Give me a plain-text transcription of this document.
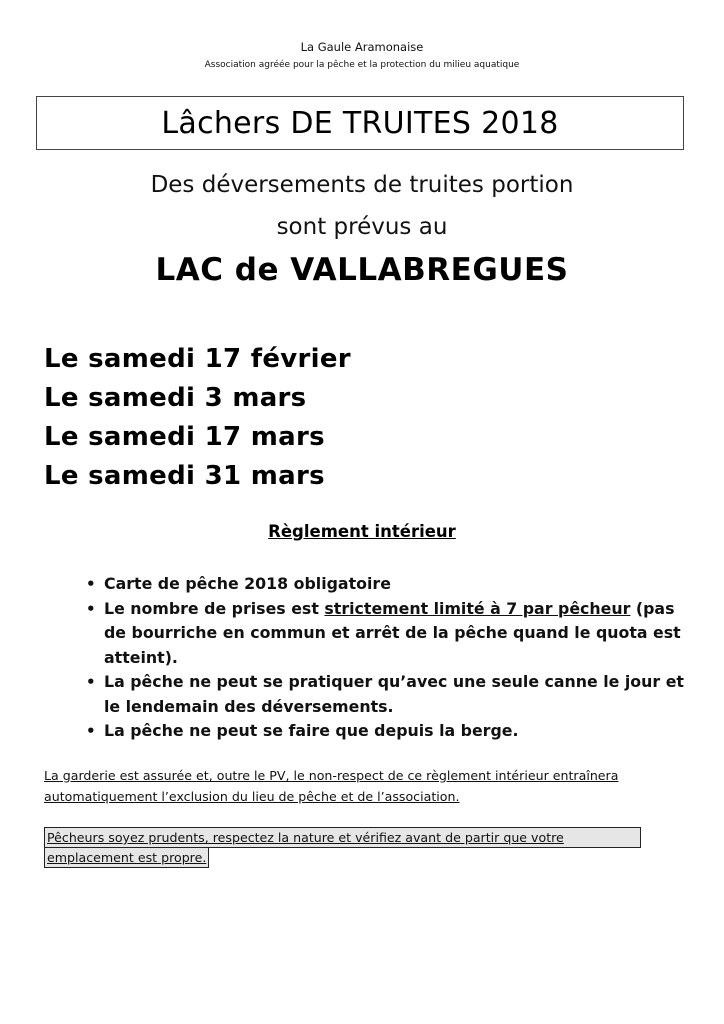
La Gaule Aramonaise
Association agréée pour la pêche et la protection du milieu aquatique
Lâchers DE TRUITES 2018
Des déversements de truites portion
sont prévus au
LAC de VALLABREGUES
Le samedi 17 février
Le samedi 3 mars
Le samedi 17 mars
Le samedi 31 mars
Règlement intérieur
• Carte de pêche 2018 obligatoire
• Le nombre de prises est strictement limité à 7 par pêcheur (pas de bourriche en commun et arrêt de la pêche quand le quota est atteint).
• La pêche ne peut se pratiquer qu’avec une seule canne le jour et le lendemain des déversements.
• La pêche ne peut se faire que depuis la berge.
La garderie est assurée et, outre le PV, le non-respect de ce règlement intérieur entraînera automatiquement l’exclusion du lieu de pêche et de l’association.
Pêcheurs soyez prudents, respectez la nature et vérifiez avant de partir que votre
emplacement est propre.
